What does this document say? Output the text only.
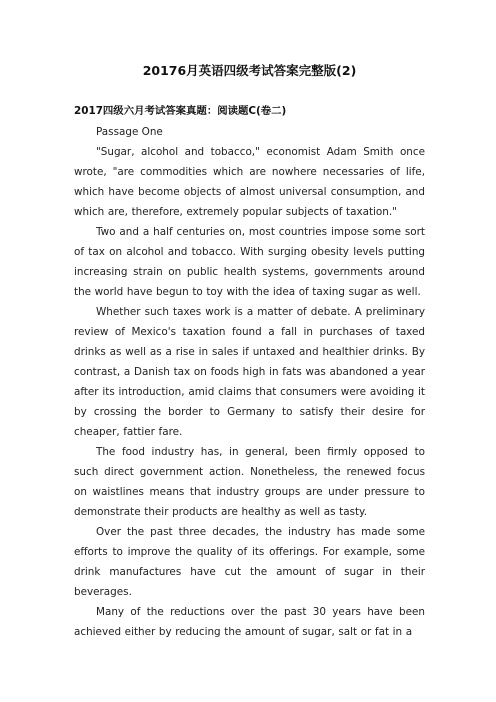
20176月英语四级考试答案完整版(2)
2017四级六月考试答案真题：阅读题C(卷二)
Passage One

"Sugar, alcohol and tobacco," economist Adam Smith once wrote, "are commodities which are nowhere necessaries of life, which have become objects of almost universal consumption, and which are, therefore, extremely popular subjects of taxation."

Two and a half centuries on, most countries impose some sort of tax on alcohol and tobacco. With surging obesity levels putting increasing strain on public health systems, governments around the world have begun to toy with the idea of taxing sugar as well.

Whether such taxes work is a matter of debate. A preliminary review of Mexico's taxation found a fall in purchases of taxed drinks as well as a rise in sales if untaxed and healthier drinks. By contrast, a Danish tax on foods high in fats was abandoned a year after its introduction, amid claims that consumers were avoiding it by crossing the border to Germany to satisfy their desire for cheaper, fattier fare.

The food industry has, in general, been firmly opposed to such direct government action. Nonetheless, the renewed focus on waistlines means that industry groups are under pressure to demonstrate their products are healthy as well as tasty.

Over the past three decades, the industry has made some efforts to improve the quality of its offerings. For example, some drink manufactures have cut the amount of sugar in their beverages.

Many of the reductions over the past 30 years have been achieved either by reducing the amount of sugar, salt or fat in a
